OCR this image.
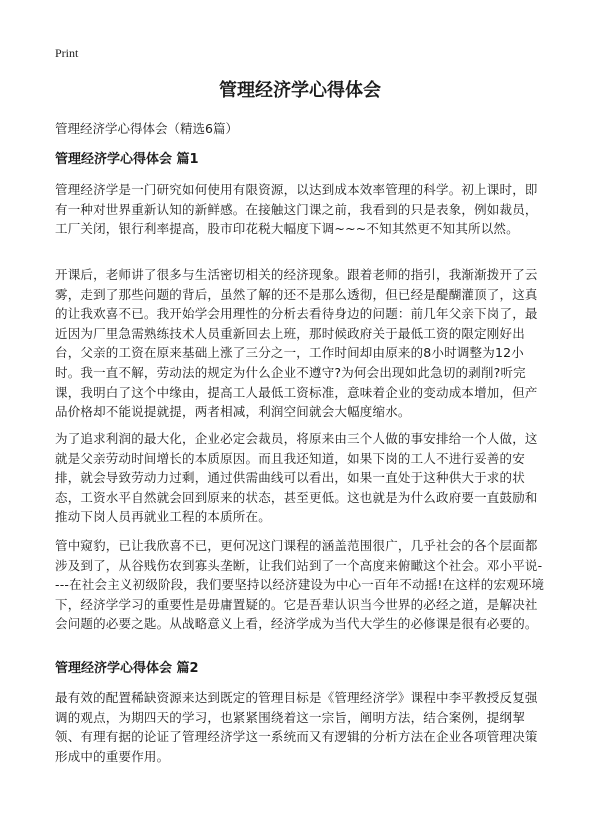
Print
管理经济学心得体会
管理经济学心得体会（精选6篇）
管理经济学心得体会 篇1

管理经济学是一门研究如何使用有限资源，以达到成本效率管理的科学。初上课时，即有一种对世界重新认知的新鲜感。在接触这门课之前，我看到的只是表象，例如裁员，工厂关闭，银行利率提高，股市印花税大幅度下调~~~不知其然更不知其所以然。

开课后，老师讲了很多与生活密切相关的经济现象。跟着老师的指引，我渐渐拨开了云雾，走到了那些问题的背后，虽然了解的还不是那么透彻，但已经是醍醐灌顶了，这真的让我欢喜不已。我开始学会用理性的分析去看待身边的问题：前几年父亲下岗了，最近因为厂里急需熟练技术人员重新回去上班，那时候政府关于最低工资的限定刚好出台，父亲的工资在原来基础上涨了三分之一，工作时间却由原来的8小时调整为12小时。我一直不解，劳动法的规定为什么企业不遵守?为何会出现如此急切的剥削?听完课，我明白了这个中缘由，提高工人最低工资标准，意味着企业的变动成本增加，但产品价格却不能说提就提，两者相减，利润空间就会大幅度缩水。

为了追求利润的最大化，企业必定会裁员，将原来由三个人做的事安排给一个人做，这就是父亲劳动时间增长的本质原因。而且我还知道，如果下岗的工人不进行妥善的安排，就会导致劳动力过剩，通过供需曲线可以看出，如果一直处于这种供大于求的状态，工资水平自然就会回到原来的状态，甚至更低。这也就是为什么政府要一直鼓励和推动下岗人员再就业工程的本质所在。

管中窥豹，已让我欣喜不已，更何况这门课程的涵盖范围很广，几乎社会的各个层面都涉及到了，从谷贱伤农到寡头垄断，让我们站到了一个高度来俯瞰这个社会。邓小平说----在社会主义初级阶段，我们要坚持以经济建设为中心一百年不动摇!在这样的宏观环境下，经济学学习的重要性是毋庸置疑的。它是吾辈认识当今世界的必经之道，是解决社会问题的必要之匙。从战略意义上看，经济学成为当代大学生的必修课是很有必要的。

管理经济学心得体会 篇2

最有效的配置稀缺资源来达到既定的管理目标是《管理经济学》课程中李平教授反复强调的观点，为期四天的学习，也紧紧围绕着这一宗旨，阐明方法，结合案例，提纲挈领、有理有据的论证了管理经济学这一系统而又有逻辑的分析方法在企业各项管理决策形成中的重要作用。
